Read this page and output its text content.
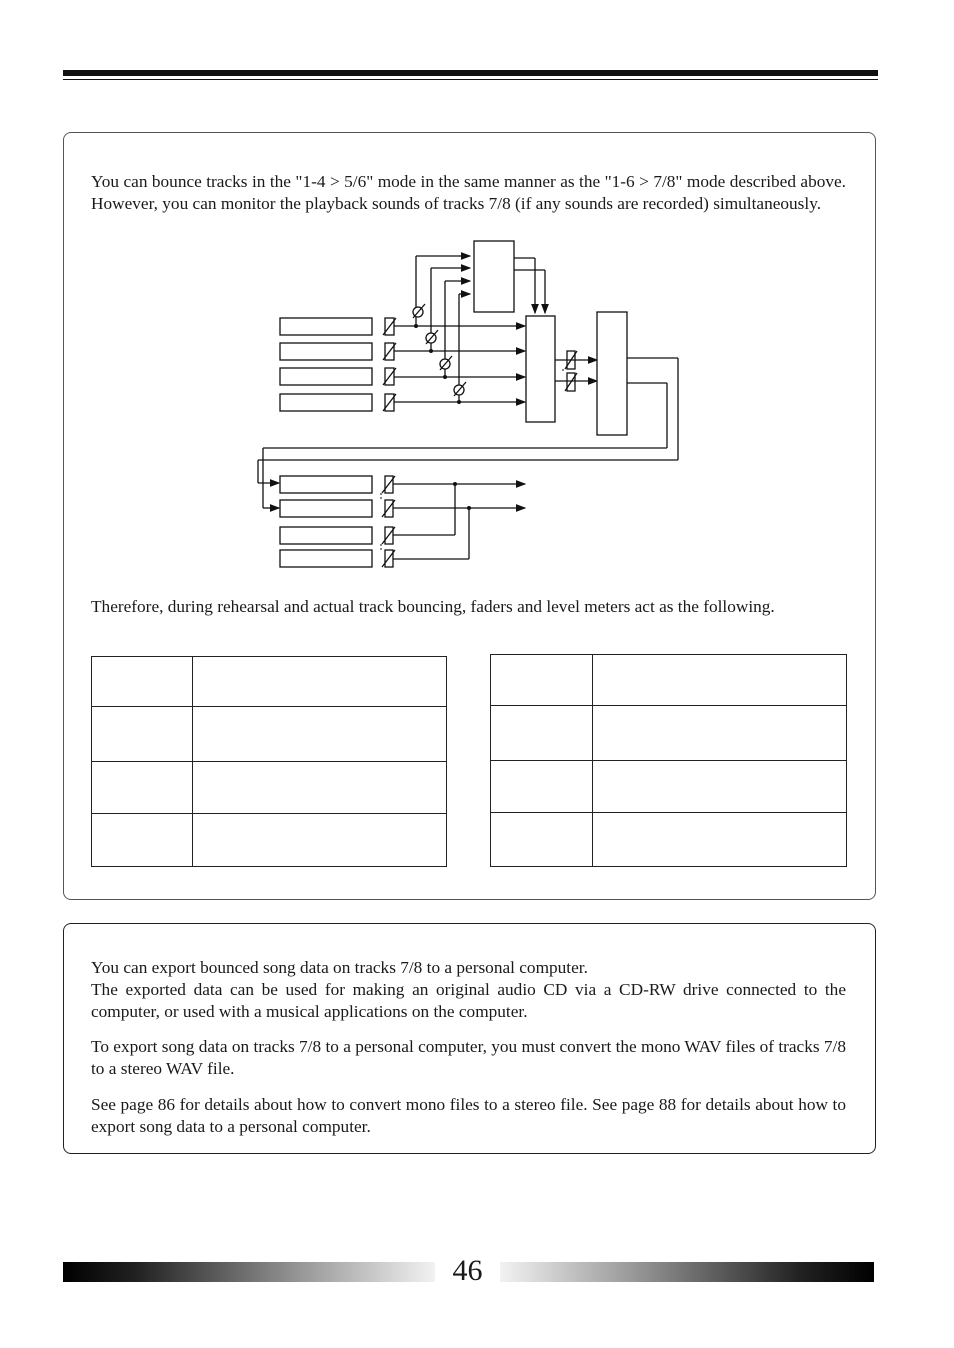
You can bounce tracks in the "1-4 > 5/6" mode in the same manner as the "1-6 > 7/8" mode described above. However, you can monitor the playback sounds of tracks 7/8 (if any sounds are recorded) simultaneously.

Therefore, during rehearsal and actual track bouncing, faders and level meters act as the following.

You can export bounced song data on tracks 7/8 to a personal computer.

The exported data can be used for making an original audio CD via a CD-RW drive connected to the computer, or used with a musical applications on the computer.

To export song data on tracks 7/8 to a personal computer, you must convert the mono WAV files of tracks 7/8 to a stereo WAV file.

See page 86 for details about how to convert mono files to a stereo file. See page 88 for details about how to export song data to a personal computer.

46
